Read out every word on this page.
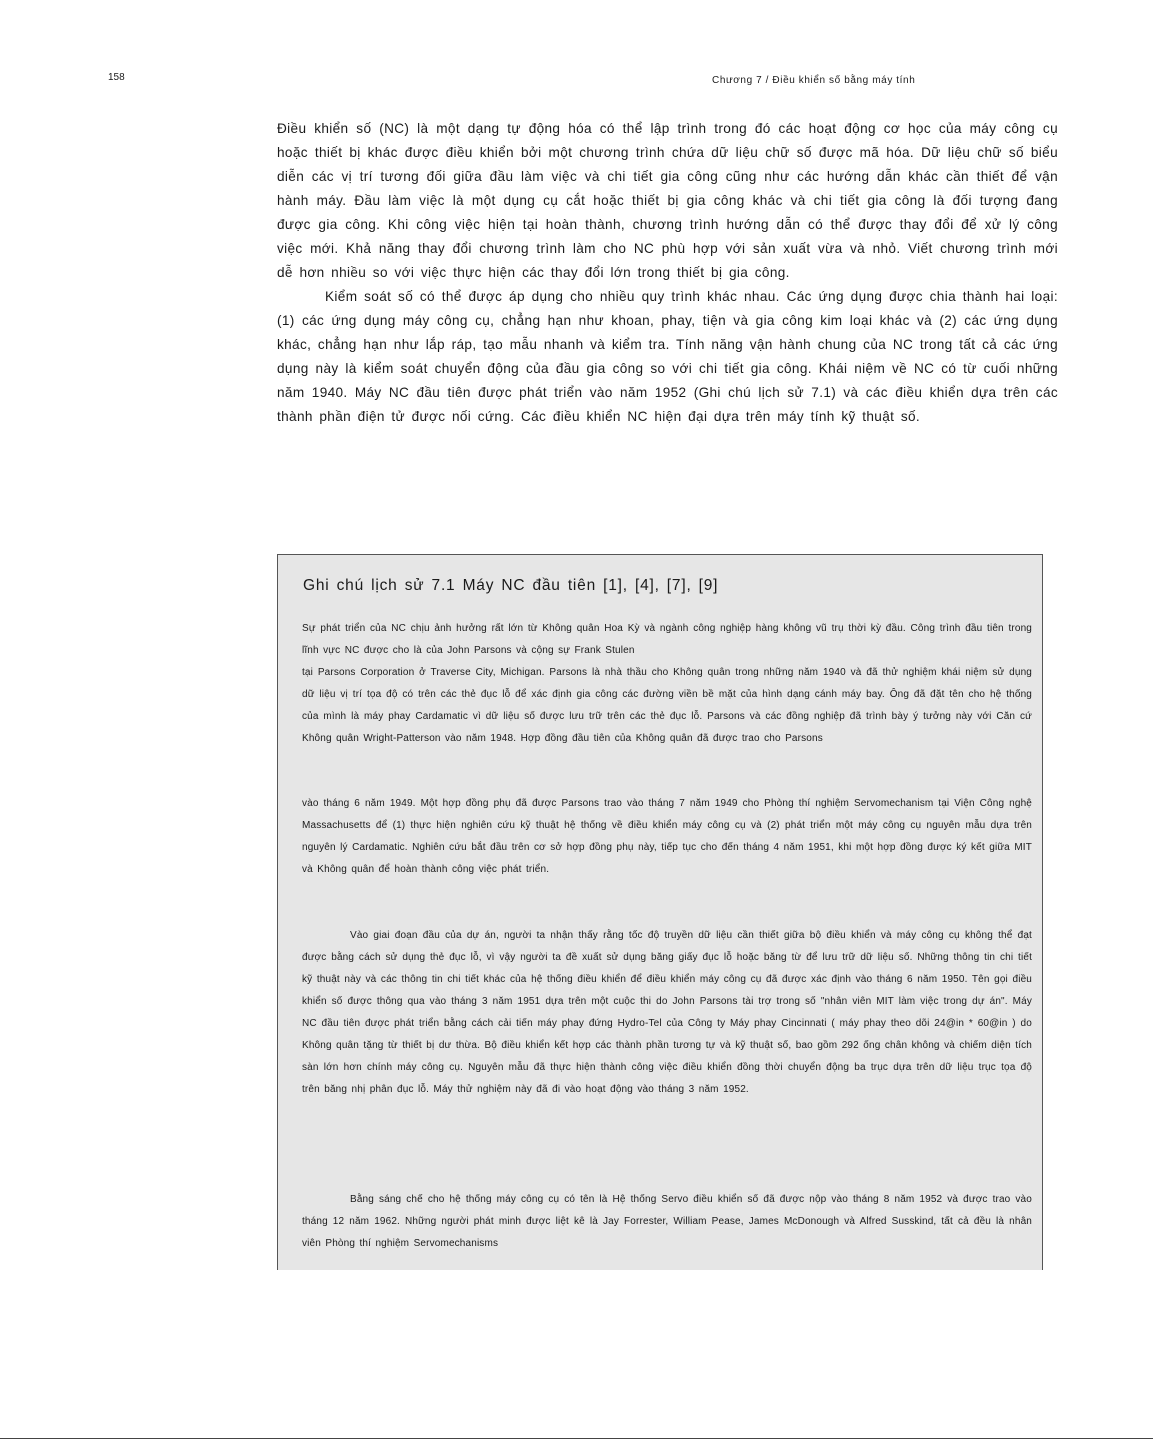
158	Chương 7 / Điều khiển số bằng máy tính

Điều khiển số (NC) là một dạng tự động hóa có thể lập trình trong đó các hoạt động cơ học của máy công cụ hoặc thiết bị khác được điều khiển bởi một chương trình chứa dữ liệu chữ số được mã hóa. Dữ liệu chữ số biểu diễn các vị trí tương đối giữa đầu làm việc và chi tiết gia công cũng như các hướng dẫn khác cần thiết để vận hành máy. Đầu làm việc là một dụng cụ cắt hoặc thiết bị gia công khác và chi tiết gia công là đối tượng đang được gia công. Khi công việc hiện tại hoàn thành, chương trình hướng dẫn có thể được thay đổi để xử lý công việc mới. Khả năng thay đổi chương trình làm cho NC phù hợp với sản xuất vừa và nhỏ. Viết chương trình mới dễ hơn nhiều so với việc thực hiện các thay đổi lớn trong thiết bị gia công.

Kiểm soát số có thể được áp dụng cho nhiều quy trình khác nhau. Các ứng dụng được chia thành hai loại: (1) các ứng dụng máy công cụ, chẳng hạn như khoan, phay, tiện và gia công kim loại khác và (2) các ứng dụng khác, chẳng hạn như lắp ráp, tạo mẫu nhanh và kiểm tra. Tính năng vận hành chung của NC trong tất cả các ứng dụng này là kiểm soát chuyển động của đầu gia công so với chi tiết gia công. Khái niệm về NC có từ cuối những năm 1940. Máy NC đầu tiên được phát triển vào năm 1952 (Ghi chú lịch sử 7.1) và các điều khiển dựa trên các thành phần điện tử được nối cứng. Các điều khiển NC hiện đại dựa trên máy tính kỹ thuật số.

Ghi chú lịch sử 7.1 Máy NC đầu tiên [1], [4], [7], [9]
Sự phát triển của NC chịu ảnh hưởng rất lớn từ Không quân Hoa Kỳ và ngành công nghiệp hàng không vũ trụ thời kỳ đầu. Công trình đầu tiên trong lĩnh vực NC được cho là của John Parsons và cộng sự Frank Stulen
tại Parsons Corporation ở Traverse City, Michigan. Parsons là nhà thầu cho Không quân trong những năm 1940 và đã thử nghiệm khái niệm sử dụng dữ liệu vị trí tọa độ có trên các thẻ đục lỗ để xác định gia công các đường viền bề mặt của hình dạng cánh máy bay. Ông đã đặt tên cho hệ thống của mình là máy phay Cardamatic vì dữ liệu số được lưu trữ trên các thẻ đục lỗ. Parsons và các đồng nghiệp đã trình bày ý tưởng này với Căn cứ Không quân Wright-Patterson vào năm 1948. Hợp đồng đầu tiên của Không quân đã được trao cho Parsons
vào tháng 6 năm 1949. Một hợp đồng phụ đã được Parsons trao vào tháng 7 năm 1949 cho Phòng thí nghiệm Servomechanism tại Viện Công nghệ Massachusetts để (1) thực hiện nghiên cứu kỹ thuật hệ thống về điều khiển máy công cụ và (2) phát triển một máy công cụ nguyên mẫu dựa trên nguyên lý Cardamatic. Nghiên cứu bắt đầu trên cơ sở hợp đồng phụ này, tiếp tục cho đến tháng 4 năm 1951, khi một hợp đồng được ký kết giữa MIT và Không quân để hoàn thành công việc phát triển.
Vào giai đoạn đầu của dự án, người ta nhận thấy rằng tốc độ truyền dữ liệu cần thiết giữa bộ điều khiển và máy công cụ không thể đạt được bằng cách sử dụng thẻ đục lỗ, vì vậy người ta đề xuất sử dụng băng giấy đục lỗ hoặc băng từ để lưu trữ dữ liệu số. Những thông tin chi tiết kỹ thuật này và các thông tin chi tiết khác của hệ thống điều khiển để điều khiển máy công cụ đã được xác định vào tháng 6 năm 1950. Tên gọi điều khiển số được thông qua vào tháng 3 năm 1951 dựa trên một cuộc thi do John Parsons tài trợ trong số "nhân viên MIT làm việc trong dự án". Máy NC đầu tiên được phát triển bằng cách cải tiến máy phay đứng Hydro-Tel của Công ty Máy phay Cincinnati ( máy phay theo dõi 24@in * 60@in ) do Không quân tặng từ thiết bị dư thừa. Bộ điều khiển kết hợp các thành phần tương tự và kỹ thuật số, bao gồm 292 ống chân không và chiếm diện tích sàn lớn hơn chính máy công cụ. Nguyên mẫu đã thực hiện thành công việc điều khiển đồng thời chuyển động ba trục dựa trên dữ liệu trục tọa độ trên băng nhị phân đục lỗ. Máy thử nghiệm này đã đi vào hoạt động vào tháng 3 năm 1952.
Bằng sáng chế cho hệ thống máy công cụ có tên là Hệ thống Servo điều khiển số đã được nộp vào tháng 8 năm 1952 và được trao vào tháng 12 năm 1962. Những người phát minh được liệt kê là Jay Forrester, William Pease, James McDonough và Alfred Susskind, tất cả đều là nhân viên Phòng thí nghiệm Servomechanisms
